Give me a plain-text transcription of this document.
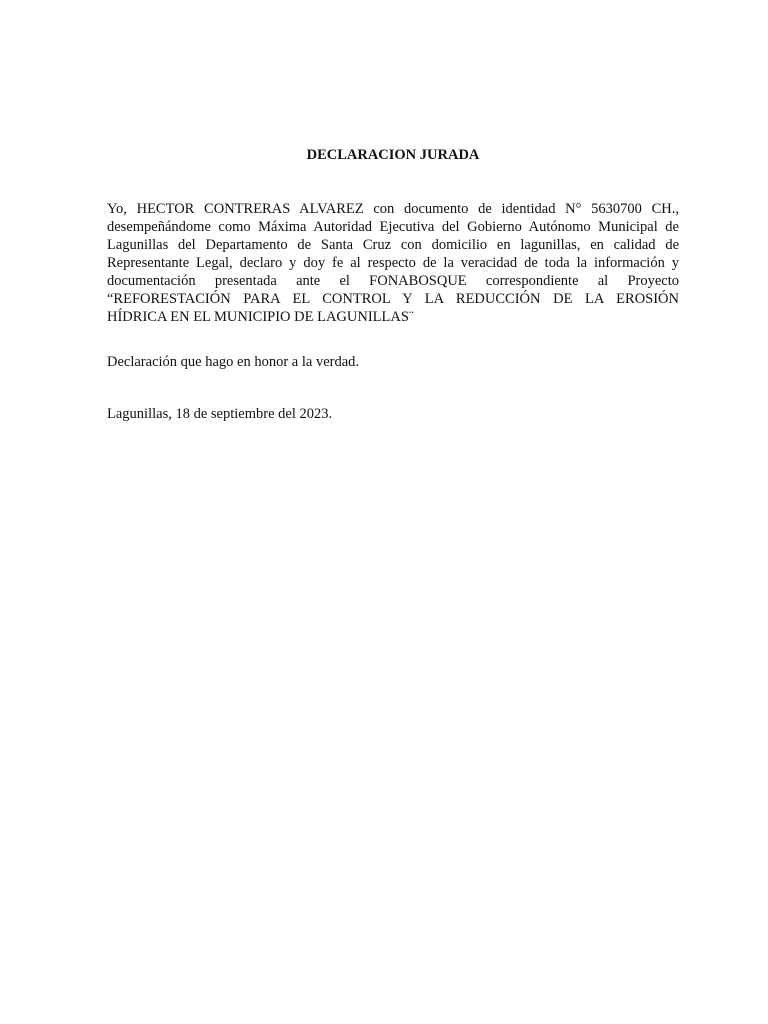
DECLARACION JURADA
Yo, HECTOR CONTRERAS ALVAREZ con documento de identidad N° 5630700 CH.,
desempeñándome como Máxima Autoridad Ejecutiva del Gobierno Autónomo Municipal de
Lagunillas del Departamento de Santa Cruz con domicilio en lagunillas, en calidad de
Representante Legal, declaro y doy fe al respecto de la veracidad de toda la información y
documentación presentada ante el FONABOSQUE correspondiente al Proyecto
“REFORESTACIÓN PARA EL CONTROL Y LA REDUCCIÓN DE LA EROSIÓN
HÍDRICA EN EL MUNICIPIO DE LAGUNILLAS¨
Declaración que hago en honor a la verdad.
Lagunillas, 18 de septiembre del 2023.
